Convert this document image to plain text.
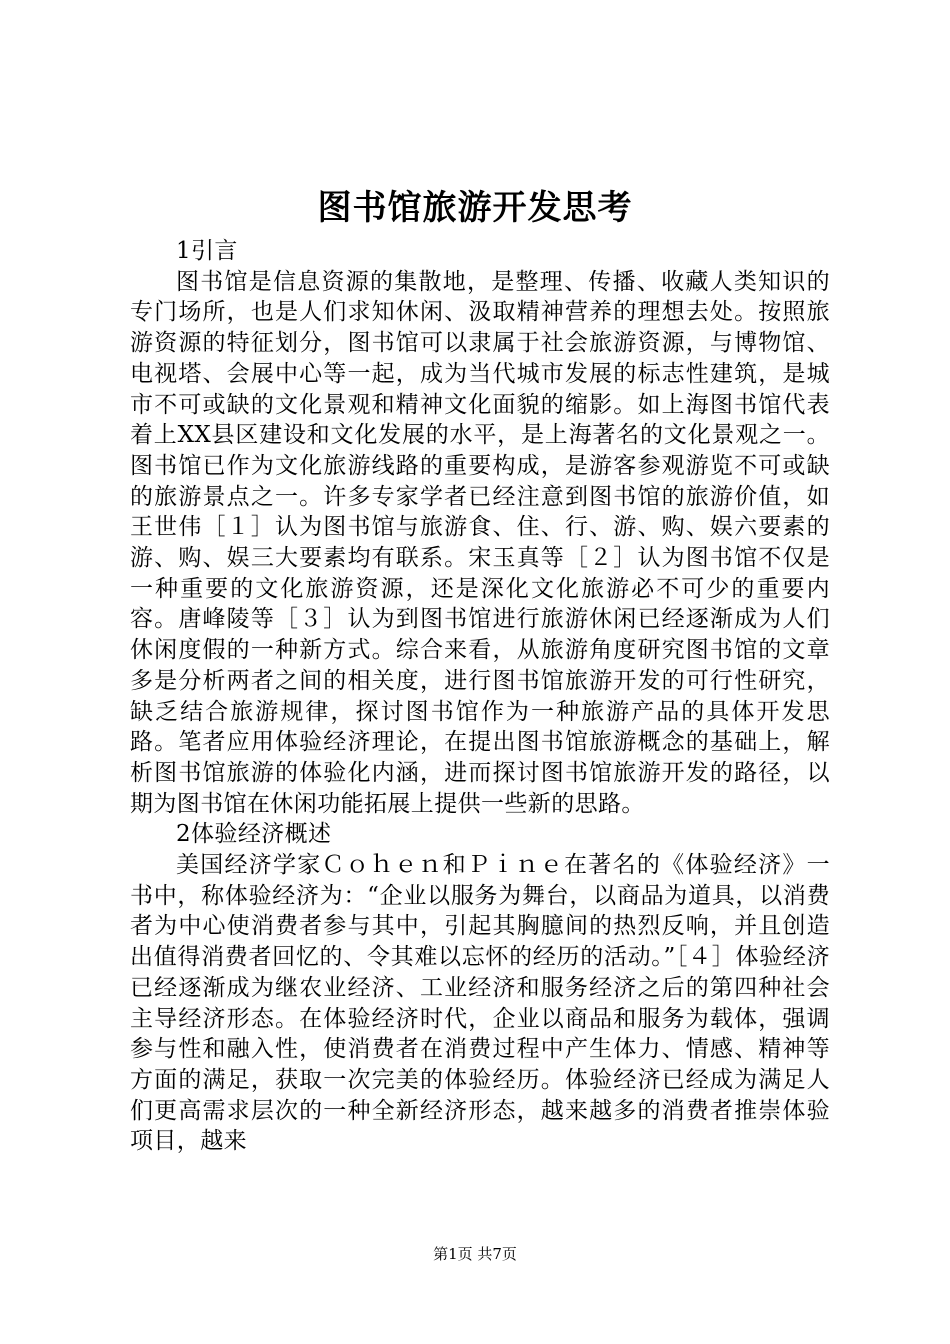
图书馆旅游开发思考

1引言

图书馆是信息资源的集散地，是整理、传播、收藏人类知识的专门场所，也是人们求知休闲、汲取精神营养的理想去处。按照旅游资源的特征划分，图书馆可以隶属于社会旅游资源，与博物馆、电视塔、会展中心等一起，成为当代城市发展的标志性建筑，是城市不可或缺的文化景观和精神文化面貌的缩影。如上海图书馆代表着上XX县区建设和文化发展的水平，是上海著名的文化景观之一。图书馆已作为文化旅游线路的重要构成，是游客参观游览不可或缺的旅游景点之一。许多专家学者已经注意到图书馆的旅游价值，如王世伟［１］认为图书馆与旅游食、住、行、游、购、娱六要素的游、购、娱三大要素均有联系。宋玉真等［２］认为图书馆不仅是一种重要的文化旅游资源，还是深化文化旅游必不可少的重要内容。唐峰陵等［３］认为到图书馆进行旅游休闲已经逐渐成为人们休闲度假的一种新方式。综合来看，从旅游角度研究图书馆的文章多是分析两者之间的相关度，进行图书馆旅游开发的可行性研究，缺乏结合旅游规律，探讨图书馆作为一种旅游产品的具体开发思路。笔者应用体验经济理论，在提出图书馆旅游概念的基础上，解析图书馆旅游的体验化内涵，进而探讨图书馆旅游开发的路径，以期为图书馆在休闲功能拓展上提供一些新的思路。

2体验经济概述

美国经济学家Ｃｏｈｅｎ和Ｐｉｎｅ在著名的《体验经济》一书中，称体验经济为：“企业以服务为舞台，以商品为道具，以消费者为中心使消费者参与其中，引起其胸臆间的热烈反响，并且创造出值得消费者回忆的、令其难以忘怀的经历的活动。”［４］体验经济已经逐渐成为继农业经济、工业经济和服务经济之后的第四种社会主导经济形态。在体验经济时代，企业以商品和服务为载体，强调参与性和融入性，使消费者在消费过程中产生体力、情感、精神等方面的满足，获取一次完美的体验经历。体验经济已经成为满足人们更高需求层次的一种全新经济形态，越来越多的消费者推崇体验项目，越来

第1页 共7页
